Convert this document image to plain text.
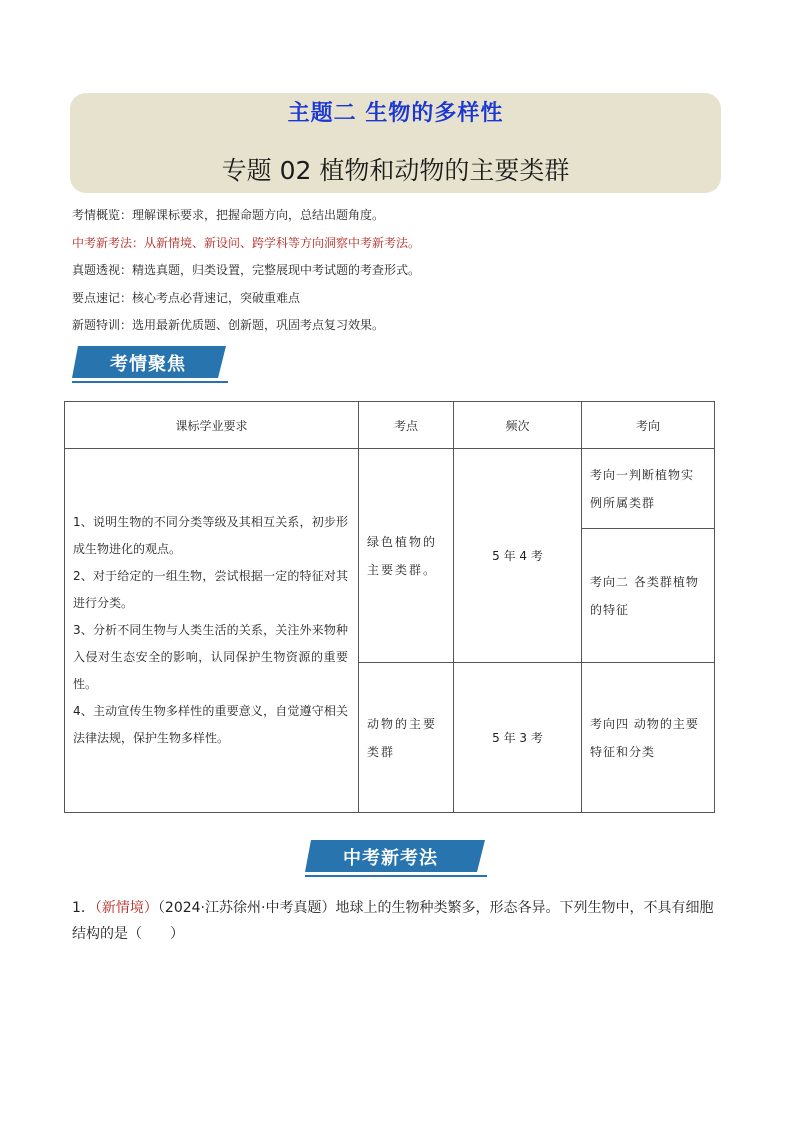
主题二 生物的多样性
专题 02 植物和动物的主要类群
考情概览：理解课标要求，把握命题方向，总结出题角度。
中考新考法：从新情境、新设问、跨学科等方向洞察中考新考法。
真题透视：精选真题，归类设置，完整展现中考试题的考查形式。
要点速记：核心考点必背速记，突破重难点
新题特训：选用最新优质题、创新题，巩固考点复习效果。
考情聚焦
课标学业要求	考点	频次	考向

1、说明生物的不同分类等级及其相互关系，初步形成生物进化的观点。
2、对于给定的一组生物，尝试根据一定的特征对其进行分类。
3、分析不同生物与人类生活的关系，关注外来物种入侵对生态安全的影响，认同保护生物资源的重要性。
4、主动宣传生物多样性的重要意义，自觉遵守相关法律法规，保护生物多样性。	绿色植物的主要类群。	5 年 4 考	考向一判断植物实例所属类群
			考向二 各类群植物的特征
	动物的主要类群	5 年 3 考	考向四 动物的主要特征和分类
中考新考法
1．（新情境）（2024·江苏徐州·中考真题）地球上的生物种类繁多，形态各异。下列生物中，不具有细胞结构的是（　　）
